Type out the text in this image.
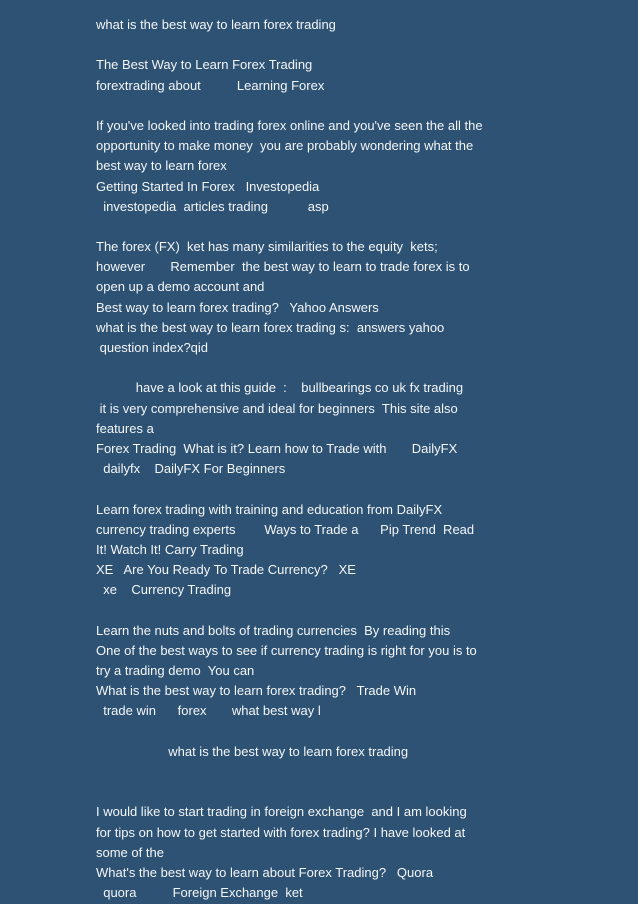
what is the best way to learn forex trading
The Best Way to Learn Forex Trading
forextrading about          Learning Forex
If you've looked into trading forex online and you've seen the all the
opportunity to make money  you are probably wondering what the
best way to learn forex
Getting Started In Forex   Investopedia
investopedia  articles trading           asp
The forex (FX)  ket has many similarities to the equity  kets;
however       Remember  the best way to learn to trade forex is to
open up a demo account and
Best way to learn forex trading?   Yahoo Answers
what is the best way to learn forex trading s:  answers yahoo
question index?qid
have a look at this guide  :    bullbearings co uk fx trading
it is very comprehensive and ideal for beginners  This site also
features a
Forex Trading  What is it? Learn how to Trade with       DailyFX
dailyfx    DailyFX For Beginners
Learn forex trading with training and education from DailyFX
currency trading experts        Ways to Trade a      Pip Trend  Read
It! Watch It! Carry Trading
XE   Are You Ready To Trade Currency?   XE
xe    Currency Trading
Learn the nuts and bolts of trading currencies  By reading this
One of the best ways to see if currency trading is right for you is to
try a trading demo  You can
What is the best way to learn forex trading?   Trade Win
trade win      forex       what best way l
what is the best way to learn forex trading
I would like to start trading in foreign exchange  and I am looking
for tips on how to get started with forex trading? I have looked at
some of the
What's the best way to learn about Forex Trading?   Quora
quora          Foreign Exchange  ket
